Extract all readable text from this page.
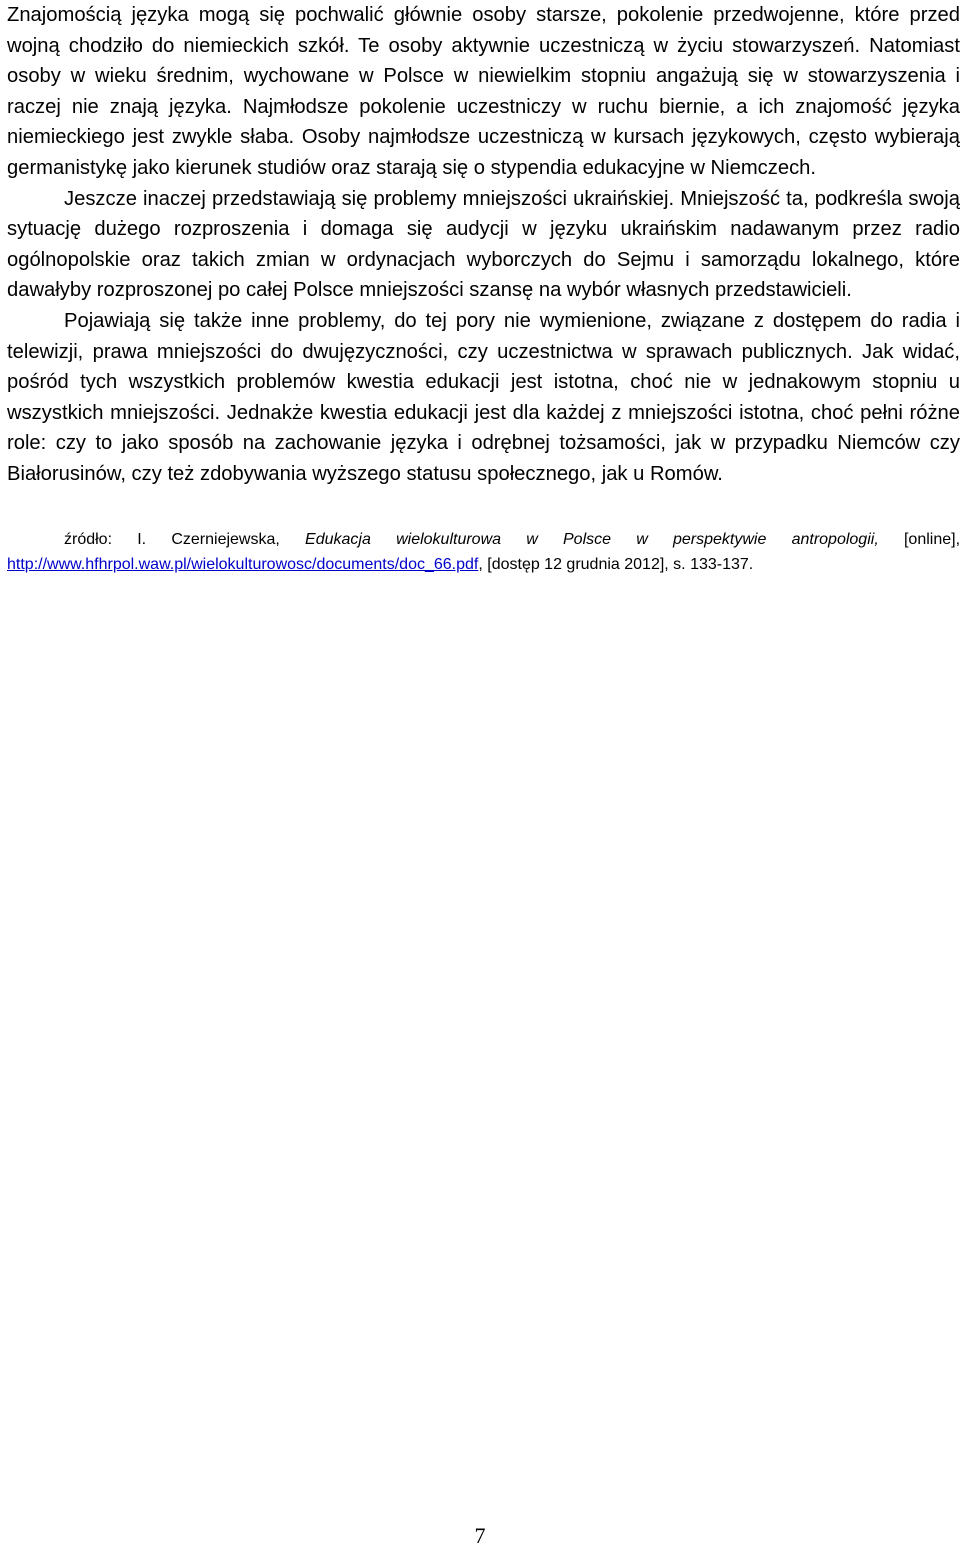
Znajomością języka mogą się pochwalić głównie osoby starsze, pokolenie przedwojenne, które przed wojną chodziło do niemieckich szkół. Te osoby aktywnie uczestniczą w życiu stowarzyszeń. Natomiast osoby w wieku średnim, wychowane w Polsce w niewielkim stopniu angażują się w stowarzyszenia i raczej nie znają języka. Najmłodsze pokolenie uczestniczy w ruchu biernie, a ich znajomość języka niemieckiego jest zwykle słaba. Osoby najmłodsze uczestniczą w kursach językowych, często wybierają germanistykę jako kierunek studiów oraz starają się o stypendia edukacyjne w Niemczech.

Jeszcze inaczej przedstawiają się problemy mniejszości ukraińskiej. Mniejszość ta, podkreśla swoją sytuację dużego rozproszenia i domaga się audycji w języku ukraińskim nadawanym przez radio ogólnopolskie oraz takich zmian w ordynacjach wyborczych do Sejmu i samorządu lokalnego, które dawałyby rozproszonej po całej Polsce mniejszości szansę na wybór własnych przedstawicieli.

Pojawiają się także inne problemy, do tej pory nie wymienione, związane z dostępem do radia i telewizji, prawa mniejszości do dwujęzyczności, czy uczestnictwa w sprawach publicznych. Jak widać, pośród tych wszystkich problemów kwestia edukacji jest istotna, choć nie w jednakowym stopniu u wszystkich mniejszości. Jednakże kwestia edukacji jest dla każdej z mniejszości istotna, choć pełni różne role: czy to jako sposób na zachowanie języka i odrębnej tożsamości, jak w przypadku Niemców czy Białorusinów, czy też zdobywania wyższego statusu społecznego, jak u Romów.

źródło: I. Czerniejewska, Edukacja wielokulturowa w Polsce w perspektywie antropologii, [online], http://www.hfhrpol.waw.pl/wielokulturowosc/documents/doc_66.pdf, [dostęp 12 grudnia 2012], s. 133-137.

7
